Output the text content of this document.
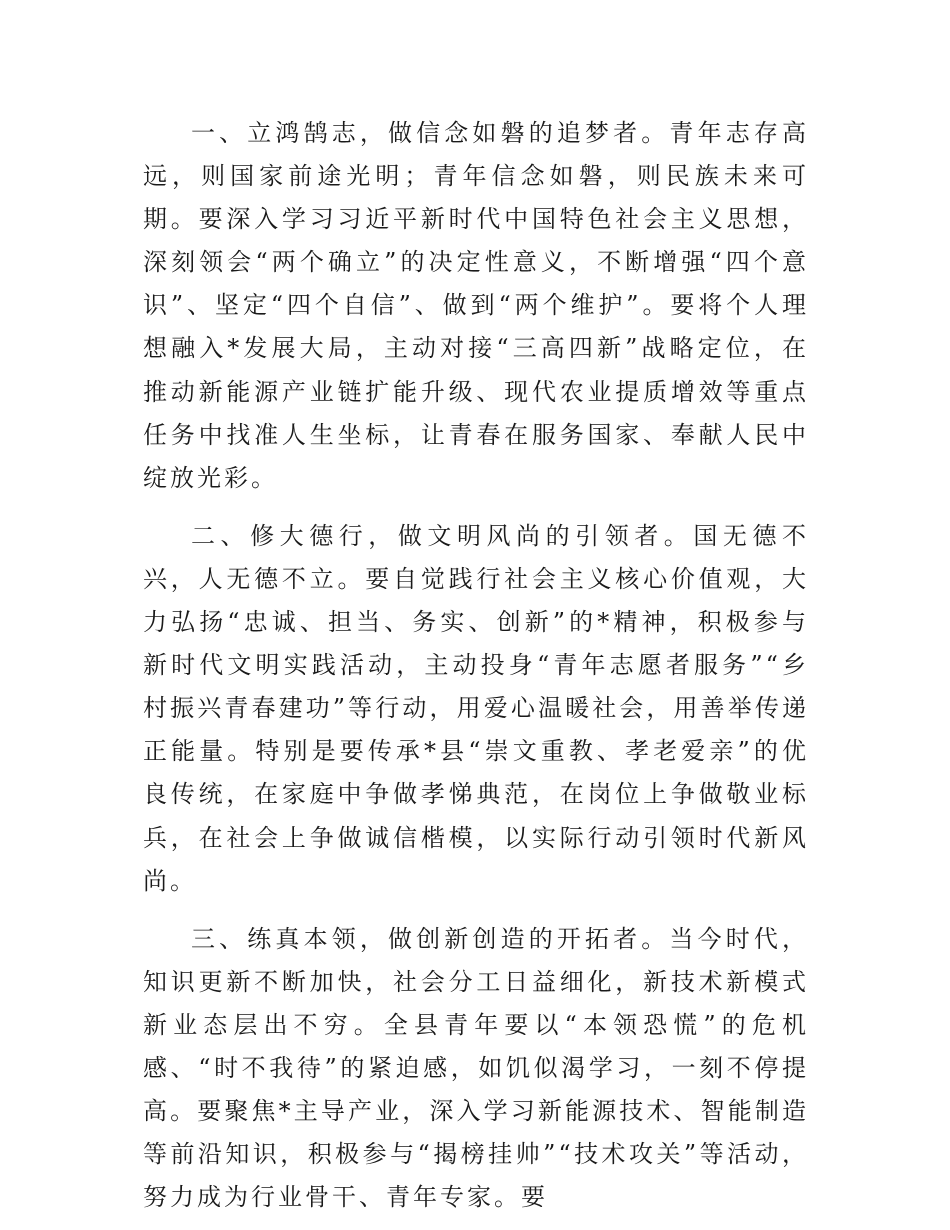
一、立鸿鹄志，做信念如磐的追梦者。青年志存高远，则国家前途光明；青年信念如磐，则民族未来可期。要深入学习习近平新时代中国特色社会主义思想，深刻领会“两个确立”的决定性意义，不断增强“四个意识”、坚定“四个自信”、做到“两个维护”。要将个人理想融入*发展大局，主动对接“三高四新”战略定位，在推动新能源产业链扩能升级、现代农业提质增效等重点任务中找准人生坐标，让青春在服务国家、奉献人民中绽放光彩。

二、修大德行，做文明风尚的引领者。国无德不兴，人无德不立。要自觉践行社会主义核心价值观，大力弘扬“忠诚、担当、务实、创新”的*精神，积极参与新时代文明实践活动，主动投身“青年志愿者服务”“乡村振兴青春建功”等行动，用爱心温暖社会，用善举传递正能量。特别是要传承*县“崇文重教、孝老爱亲”的优良传统，在家庭中争做孝悌典范，在岗位上争做敬业标兵，在社会上争做诚信楷模，以实际行动引领时代新风尚。

三、练真本领，做创新创造的开拓者。当今时代，知识更新不断加快，社会分工日益细化，新技术新模式新业态层出不穷。全县青年要以“本领恐慌”的危机感、“时不我待”的紧迫感，如饥似渴学习，一刻不停提高。要聚焦*主导产业，深入学习新能源技术、智能制造等前沿知识，积极参与“揭榜挂帅”“技术攻关”等活动，努力成为行业骨干、青年专家。要
